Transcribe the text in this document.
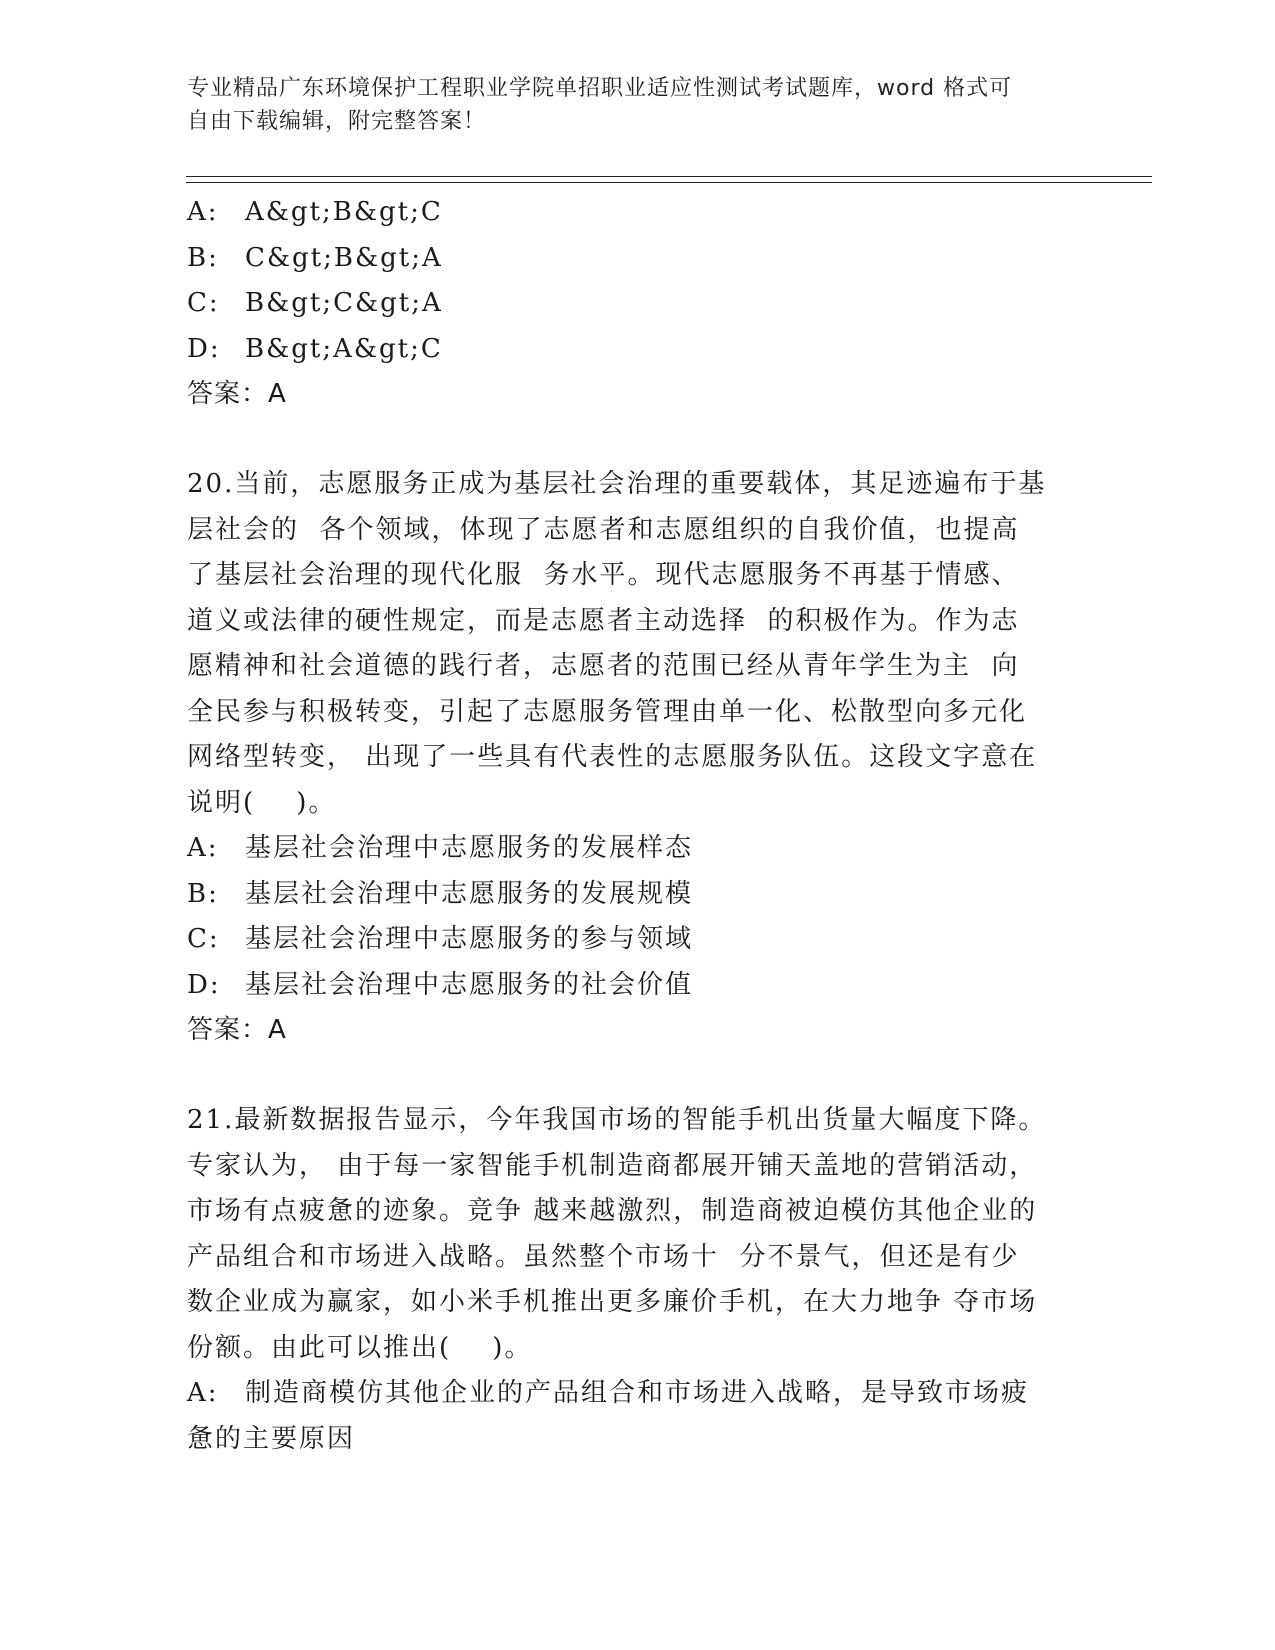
专业精品广东环境保护工程职业学院单招职业适应性测试考试题库，word 格式可
自由下载编辑，附完整答案！
A:	A&gt;B&gt;C
B:	C&gt;B&gt;A
C: B&gt;C&gt;A
D: B&gt;A&gt;C
答案：A
20.当前，志愿服务正成为基层社会治理的重要载体，其足迹遍布于基
层社会的  各个领域，体现了志愿者和志愿组织的自我价值，也提高
了基层社会治理的现代化服  务水平。现代志愿服务不再基于情感、
道义或法律的硬性规定，而是志愿者主动选择  的积极作为。作为志
愿精神和社会道德的践行者，志愿者的范围已经从青年学生为主  向
全民参与积极转变，引起了志愿服务管理由单一化、松散型向多元化
网络型转变， 出现了一些具有代表性的志愿服务队伍。这段文字意在
说明(    )。
A:	基层社会治理中志愿服务的发展样态
B:	基层社会治理中志愿服务的发展规模
C: 基层社会治理中志愿服务的参与领域
D: 基层社会治理中志愿服务的社会价值
答案：A
21.最新数据报告显示，今年我国市场的智能手机出货量大幅度下降。
专家认为， 由于每一家智能手机制造商都展开铺天盖地的营销活动，
市场有点疲惫的迹象。竞争 越来越激烈，制造商被迫模仿其他企业的
产品组合和市场进入战略。虽然整个市场十  分不景气，但还是有少
数企业成为赢家，如小米手机推出更多廉价手机，在大力地争 夺市场
份额。由此可以推出(    )。
A:	制造商模仿其他企业的产品组合和市场进入战略，是导致市场疲
惫的主要原因
